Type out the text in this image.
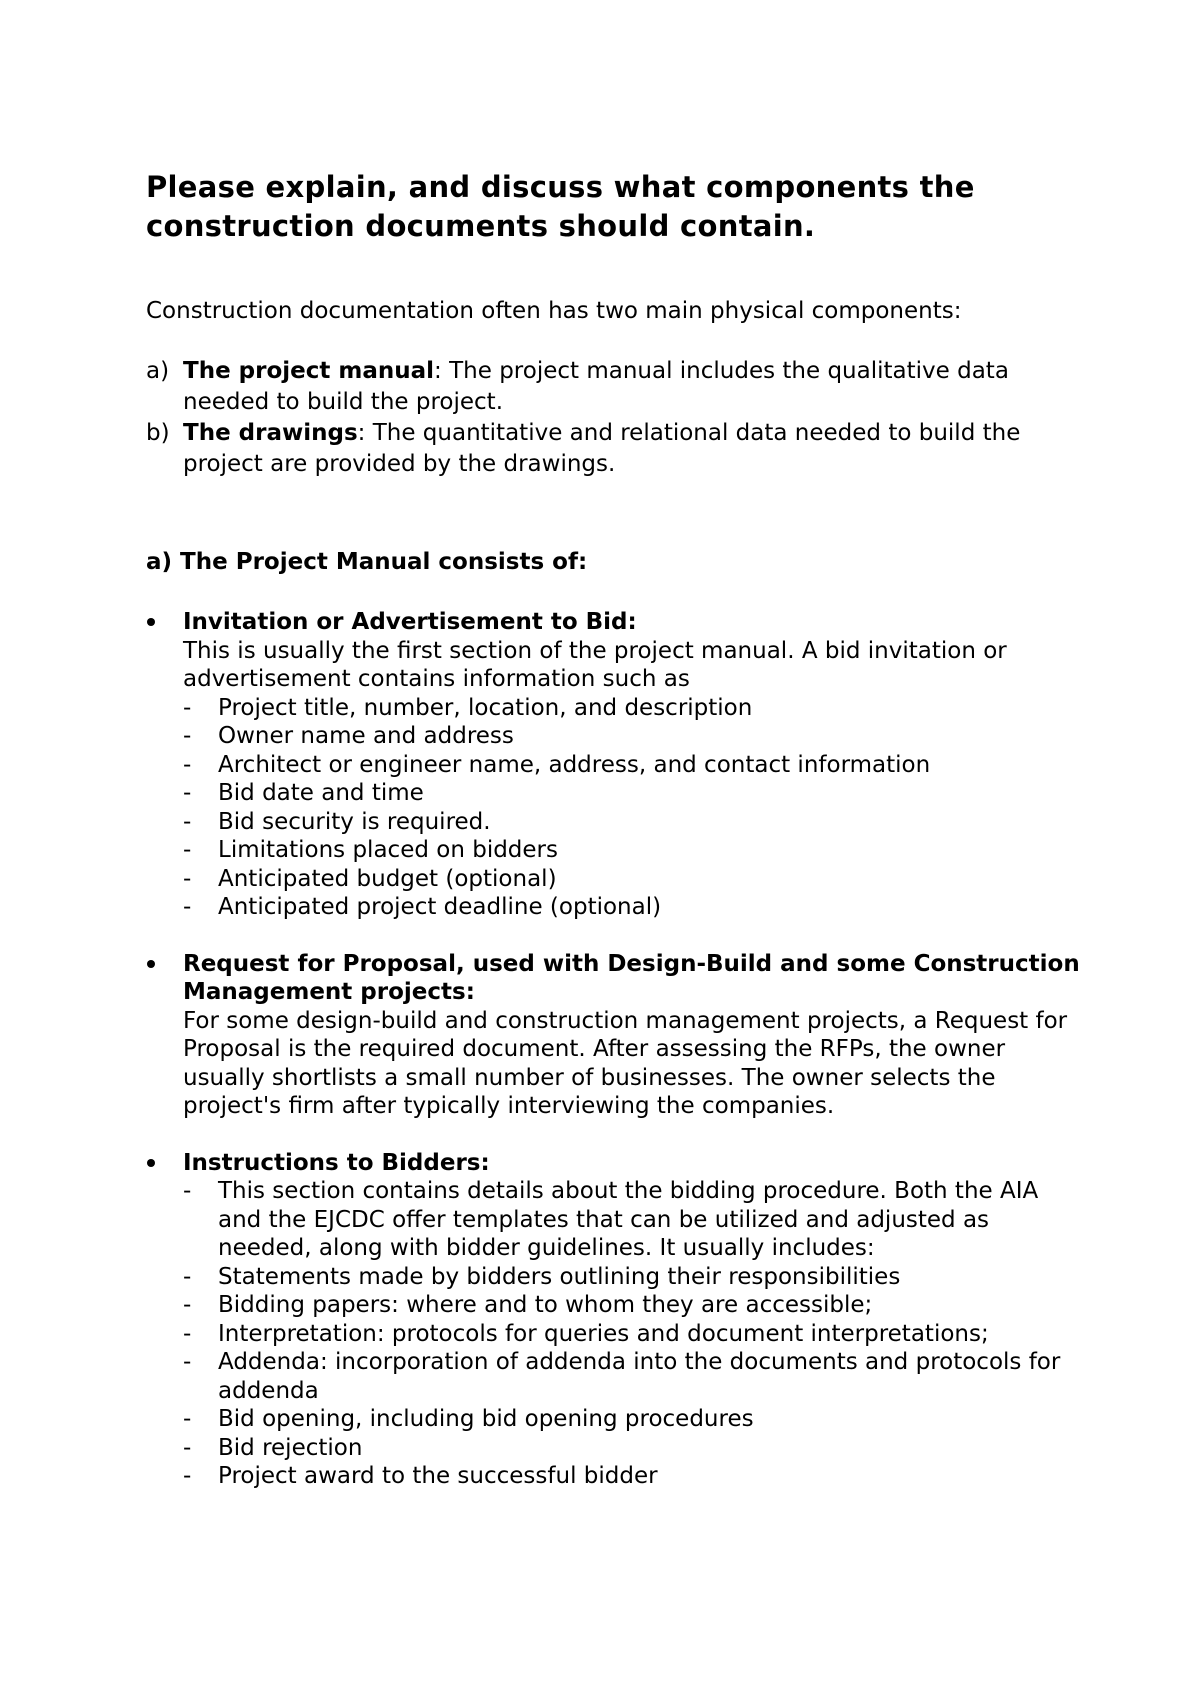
Please explain, and discuss what components the construction documents should contain.

Construction documentation often has two main physical components:

a) The project manual: The project manual includes the qualitative data needed to build the project.
b) The drawings: The quantitative and relational data needed to build the project are provided by the drawings.

a) The Project Manual consists of:

Invitation or Advertisement to Bid:
This is usually the first section of the project manual. A bid invitation or advertisement contains information such as
- Project title, number, location, and description
- Owner name and address
- Architect or engineer name, address, and contact information
- Bid date and time
- Bid security is required.
- Limitations placed on bidders
- Anticipated budget (optional)
- Anticipated project deadline (optional)
Request for Proposal, used with Design-Build and some Construction Management projects:
For some design-build and construction management projects, a Request for Proposal is the required document. After assessing the RFPs, the owner usually shortlists a small number of businesses. The owner selects the project's firm after typically interviewing the companies.
Instructions to Bidders:
- This section contains details about the bidding procedure. Both the AIA and the EJCDC offer templates that can be utilized and adjusted as needed, along with bidder guidelines. It usually includes:
- Statements made by bidders outlining their responsibilities
- Bidding papers: where and to whom they are accessible;
- Interpretation: protocols for queries and document interpretations;
- Addenda: incorporation of addenda into the documents and protocols for addenda
- Bid opening, including bid opening procedures
- Bid rejection
- Project award to the successful bidder
